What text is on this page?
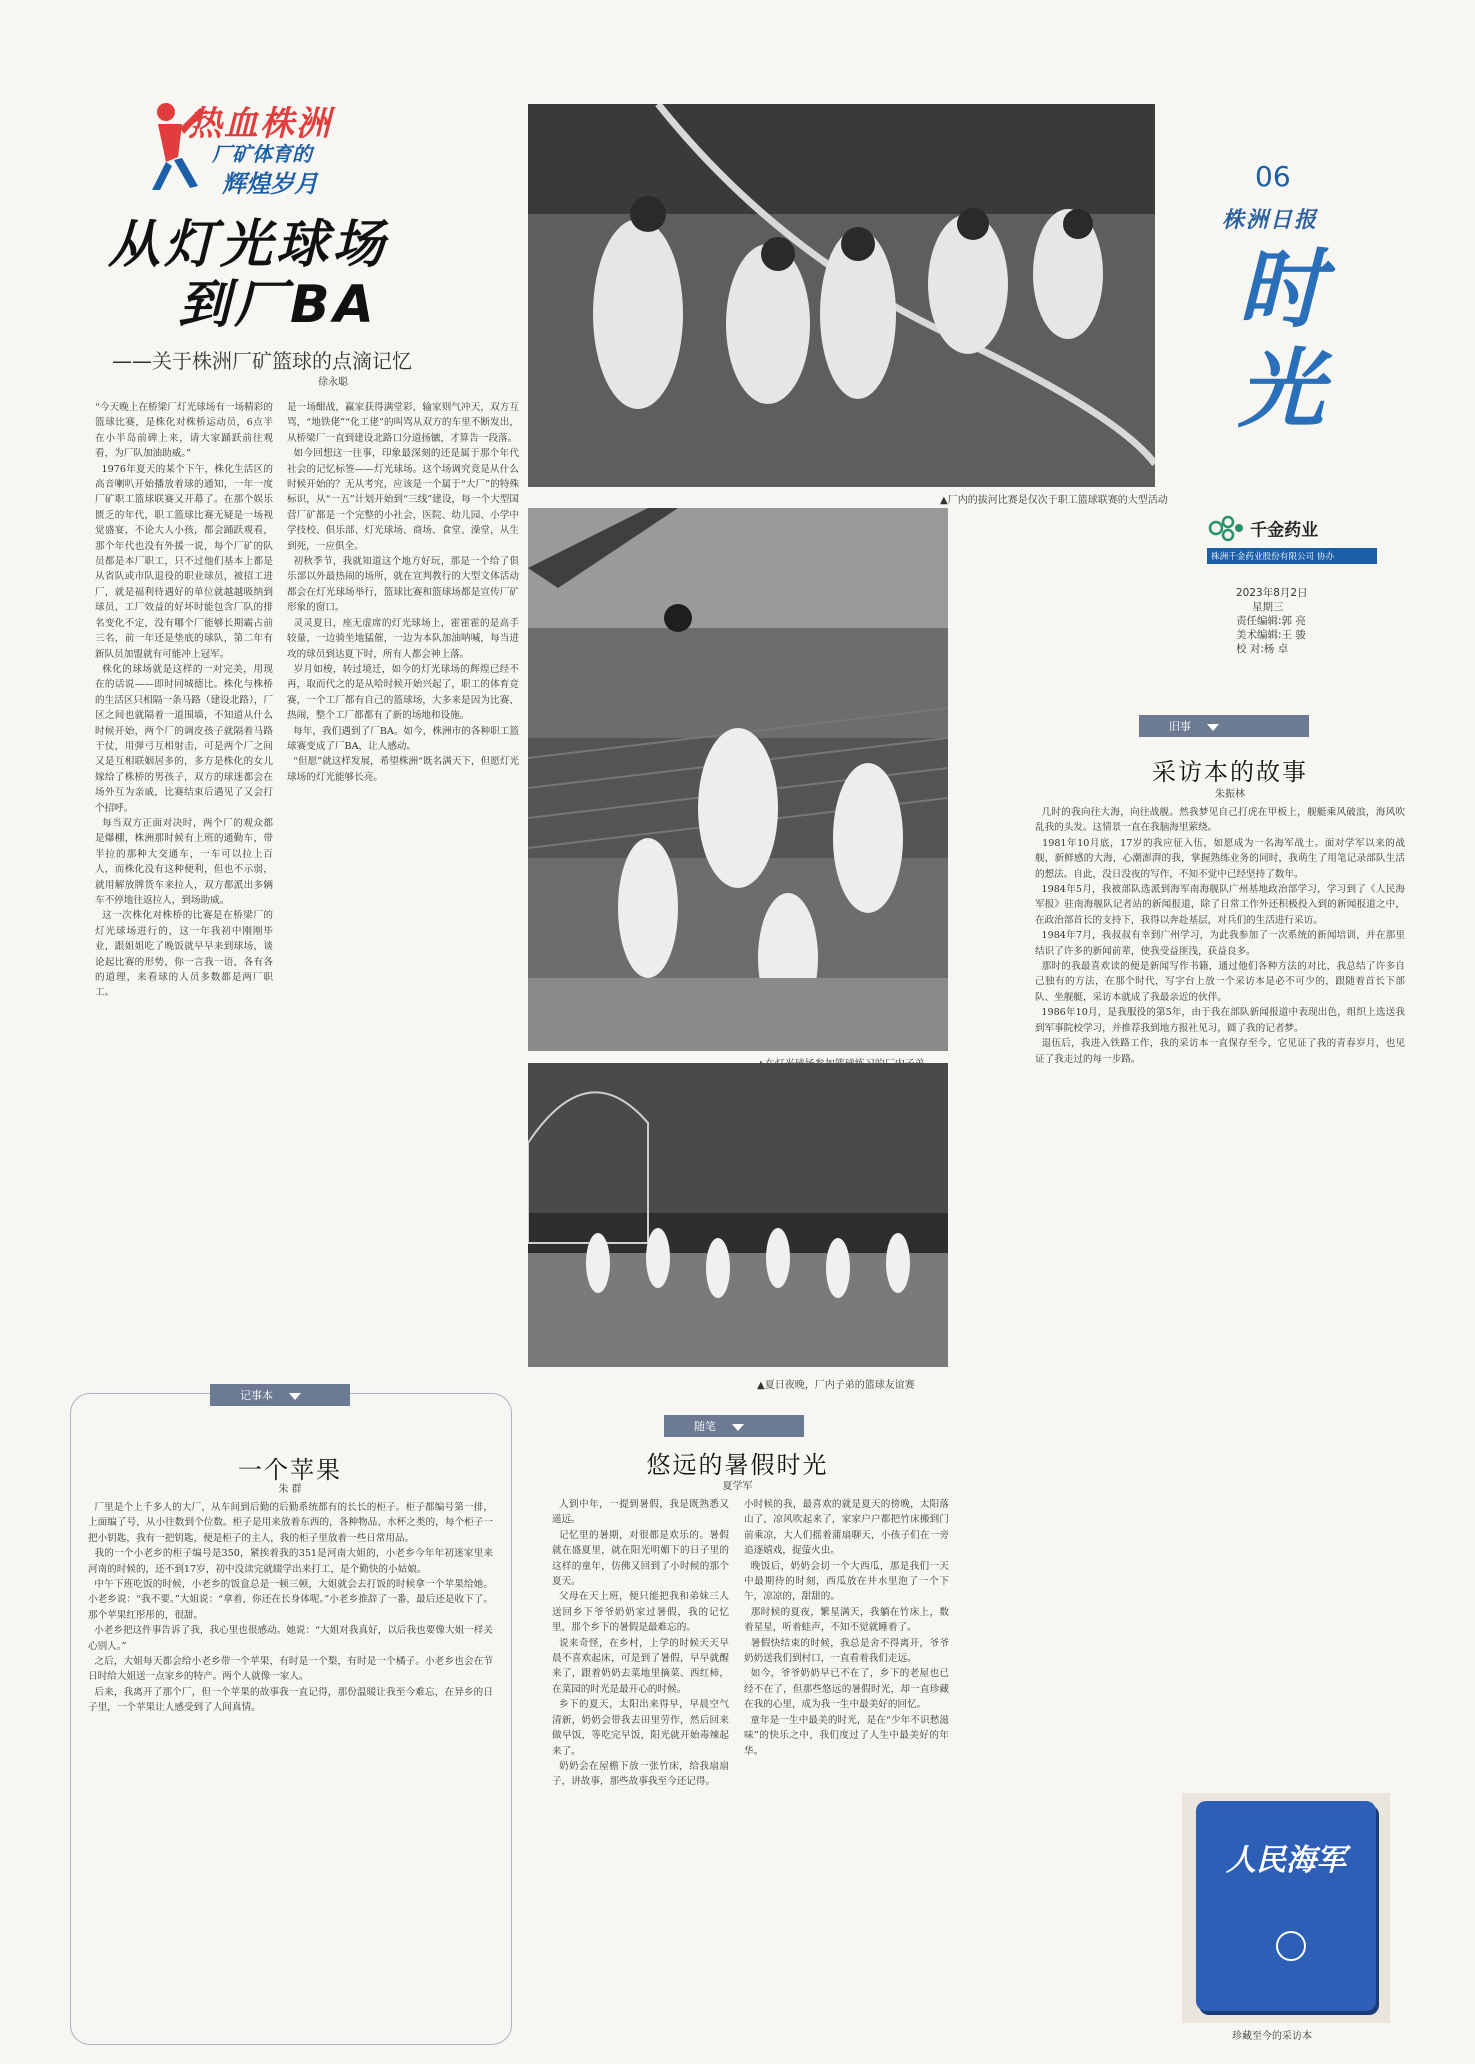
热血株洲
厂矿体育的
辉煌岁月
从灯光球场
到厂BA
——关于株洲厂矿篮球的点滴记忆
徐永聪

“今天晚上在桥梁厂灯光球场有一场精彩的篮球比赛，是株化对株桥运动员，6点半在小半岛前碑上来，请大家踊跃前往观看，为厂队加油助威。”
1976年夏天的某个下午，株化生活区的高音喇叭开始播放着球的通知，一年一度厂矿职工篮球联赛又开幕了。在那个娱乐匮乏的年代，职工篮球比赛无疑是一场视觉盛宴，不论大人小孩，都会踊跃观看，那个年代也没有外援一说，每个厂矿的队员都是本厂职工，只不过他们基本上都是从省队或市队退役的职业球员，被招工进厂，就是福利待遇好的单位就越越吸纳到球员，工厂效益的好坏时能包含厂队的排名变化不定，没有哪个厂能够长期霸占前三名，前一年还是垫底的球队，第二年有新队员加盟就有可能冲上冠军。
株化的球场就是这样的一对完美，用现在的话说——即时同城德比。株化与株桥的生活区只相隔一条马路（建设北路），厂区之间也就隔着一道围墙，不知道从什么时候开始，两个厂的调皮孩子就隔着马路干仗，用弹弓互相射击，可是两个厂之间又是互相联姻居多的，多方是株化的女儿嫁给了株桥的男孩子，双方的球迷都会在场外互为亲戚，比赛结束后遇见了又会打个招呼。
每当双方正面对决时，两个厂的观众都是爆棚，株洲那时候有上班的通勤车，带半拉的那种大交通车，一车可以拉上百人，而株化没有这种便利，但也不示弱，就用解放牌货车来拉人，双方都派出多辆车不停地往返拉人，到场助威。
这一次株化对株桥的比赛是在桥梁厂的灯光球场进行的，这一年我初中刚刚毕业，跟姐姐吃了晚饭就早早来到球场，谈论起比赛的形势，你一言我一语，各有各的道理，来看球的人员多数都是两厂职工。

是一场酣战，赢家获得满堂彩，输家则气冲天，双方互骂，“地铁佬”“化工佬”的叫骂从双方的车里不断发出，从桥梁厂一直到建设北路口分道扬镳，才算告一段落。
如今回想这一往事，印象最深刻的还是属于那个年代社会的记忆标签——灯光球场。这个场调究竟是从什么时候开始的？无从考究，应该是一个属于“大厂”的特殊标识，从“一五”计划开始到“三线”建设，每一个大型国营厂矿都是一个完整的小社会，医院、幼儿园、小学中学技校、俱乐部、灯光球场、商场、食堂、澡堂，从生到死，一应俱全。
初秋季节，我就知道这个地方好玩，那是一个给了俱乐部以外最热闹的场所，就在宣判教行的大型文体活动都会在灯光球场举行，篮球比赛和篮球场都是宣传厂矿形象的窗口。
灵灵夏日，座无虚席的灯光球场上，霍霍霍的是高手较量，一边骑坐地猛催，一边为本队加油呐喊，每当进攻的球员到达夏下时，所有人都会神上落。
岁月如梭，转过境迁，如今的灯光球场的辉煌已经不再，取而代之的是从哈时候开始兴起了，职工的体育竞赛，一个工厂都有自己的篮球场，大多来是因为比赛、热闹，整个工厂都都有了新的场地和设施。
每年，我们遇到了厂BA。如今，株洲市的各种职工篮球赛变成了厂BA，让人感动。
“但愿”就这样发展，希望株洲“既名满天下，但愿灯光球场的灯光能够长亮。

▲厂内的拔河比赛是仅次于职工篮球联赛的大型活动
▲夏日夜晚，厂内子弟的篮球友谊赛
06
株洲日报
时光
千金药业
株洲千金药业股份有限公司 协办
2023年8月2日
星期三
责任编辑:郭 亮
美术编辑:王 骏
校 对:杨 卓
旧事
采访本的故事
朱振林

几时的我向往大海，向往战舰。然我梦见自己打虎在甲板上，舰艇乘风破浪，海风吹乱我的头发。这情景一直在我脑海里萦绕。
1981年10月底，17岁的我应征入伍，如愿成为一名海军战士。面对学军以来的战舰，新鲜感的大海，心潮澎湃的我，掌握熟练业务的同时，我萌生了用笔记录部队生活的想法。自此，没日没夜的写作，不知不觉中已经坚持了数年。
1984年5月，我被部队选派到海军南海舰队广州基地政治部学习，学习到了《人民海军报》驻南海舰队记者站的新闻报道，除了日常工作外还积极投入到的新闻报道之中，在政治部首长的支持下，我得以奔赴基层，对兵们的生活进行采访。
1984年7月，我叔叔有幸到广州学习，为此我参加了一次系统的新闻培训，并在那里结识了许多的新闻前辈，使我受益匪浅，获益良多。
那时的我最喜欢读的便是新闻写作书籍，通过他们各种方法的对比，我总结了许多自己独有的方法，在那个时代，写字台上放一个采访本是必不可少的，跟随着首长下部队、坐舰艇，采访本就成了我最亲近的伙伴。
1986年10月，是我服役的第5年，由于我在部队新闻报道中表现出色，组织上选送我到军事院校学习，并推荐我到地方报社见习，圆了我的记者梦。
退伍后，我进入铁路工作，我的采访本一直保存至今，它见证了我的青春岁月，也见证了我走过的每一步路。

人民海军
珍藏至今的采访本
记事本
一个苹果
朱 群

厂里是个上千多人的大厂，从车间到后勤的后勤系统都有的长长的柜子。柜子都编号第一排，上面编了号，从小往数到个位数。柜子是用来放着东西的，各种物品、水杯之类的，每个柜子一把小钥匙，我有一把钥匙，便是柜子的主人，我的柜子里放着一些日常用品。
我的一个小老乡的柜子编号是350，紧挨着我的351是河南大姐的，小老乡今年年初迷家里来河南的时候的，还不到17岁，初中没读完就辍学出来打工，是个勤快的小姑娘。
中午下班吃饭的时候，小老乡的饭盒总是一顿三顿，大姐就会去打饭的时候拿一个苹果给她。小老乡说：“我不要。”大姐说：“拿着，你还在长身体呢。”小老乡推辞了一番，最后还是收下了。那个苹果红彤彤的，很甜。
小老乡把这件事告诉了我，我心里也很感动。她说：“大姐对我真好，以后我也要像大姐一样关心别人。”
之后，大姐每天都会给小老乡带一个苹果，有时是一个梨，有时是一个橘子。小老乡也会在节日时给大姐送一点家乡的特产。两个人就像一家人。
后来，我离开了那个厂，但一个苹果的故事我一直记得，那份温暖让我至今难忘，在异乡的日子里，一个苹果让人感受到了人间真情。

随笔
悠远的暑假时光
夏学军

人到中年，一提到暑假，我是既熟悉又遥远。
记忆里的暑期，对很都是欢乐的。暑假就在盛夏里，就在阳光明媚下的日子里的这样的童年，仿佛又回到了小时候的那个夏天。
父母在天上班，便只能把我和弟妹三人送回乡下爷爷奶奶家过暑假，我的记忆里，那个乡下的暑假是最难忘的。
说来奇怪，在乡村，上学的时候天天早晨不喜欢起床，可是到了暑假，早早就醒来了，跟着奶奶去菜地里摘菜、西红柿，在菜园的时光是最开心的时候。
乡下的夏天，太阳出来得早，早晨空气清新，奶奶会带我去田里劳作，然后回来做早饭，等吃完早饭，阳光就开始毒辣起来了。
奶奶会在屋檐下放一张竹床，给我扇扇子，讲故事，那些故事我至今还记得。

小时候的我，最喜欢的就是夏天的傍晚，太阳落山了，凉风吹起来了，家家户户都把竹床搬到门前乘凉，大人们摇着蒲扇聊天，小孩子们在一旁追逐嬉戏，捉萤火虫。
晚饭后，奶奶会切一个大西瓜，那是我们一天中最期待的时刻，西瓜放在井水里泡了一个下午，凉凉的，甜甜的。
那时候的夏夜，繁星满天，我躺在竹床上，数着星星，听着蛙声，不知不觉就睡着了。
暑假快结束的时候，我总是舍不得离开，爷爷奶奶送我们到村口，一直看着我们走远。
如今，爷爷奶奶早已不在了，乡下的老屋也已经不在了，但那些悠远的暑假时光，却一直珍藏在我的心里，成为我一生中最美好的回忆。
童年是一生中最美的时光，是在“少年不识愁滋味”的快乐之中，我们度过了人生中最美好的年华。
